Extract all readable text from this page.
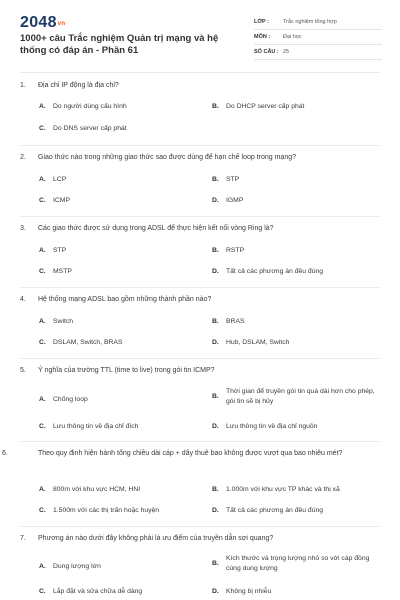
$2048^{vn}$
1000+ câu Trắc nghiệm Quản trị mạng và hệ thống có đáp án - Phần 61
LỚP :	Trắc nghiệm tổng hợp
MÔN :	Đại học
SỐ CÂU : 25
1. Địa chỉ IP động là địa chỉ?
A.	Do người dùng cấu hình	B.	Do DHCP server cấp phát
C.	Do DNS server cấp phát
2. Giao thức nào trong những giao thức sao được dùng để hạn chế loop trong mạng?
A.	LCP	B.	STP
C.	ICMP	D.	IGMP
3. Các giao thức được sử dụng trong ADSL để thực hiện kết nối vòng Ring là?
A.	STP	B.	RSTP
C.	MSTP	D.	Tất cả các phương án đều đúng
4. Hệ thống mạng ADSL bao gồm những thành phần nào?
A.	Switch	B.	BRAS
C.	DSLAM, Switch, BRAS	D.	Hub, DSLAM, Switch
5. Ý nghĩa của trường TTL (time to live) trong gói tin ICMP?
A.	Chống loop	B.
Thời gian để truyền gói tin quá dài hơn cho phép, gói tin sẽ bị hủy
C.	Lưu thông tin về địa chỉ đích	D.	Lưu thông tin về địa chỉ nguồn
6.	Theo quy định hiện hành tổng chiều dài cáp + dây thuê bao không được vượt qua bao nhiêu mét?
A.	800m với khu vực HCM, HNI	B.	1.000m với khu vực TP khác và thị xã
C.	1.500m với các thị trấn hoặc huyện	D.	Tất cả các phương án đều đúng
7. Phương án nào dưới đây không phải là ưu điểm của truyền dẫn sợi quang?
A.	Dung lượng lớn	B.
Kích thước và trọng lượng nhỏ so với cáp đồng cùng dung lượng
C.	Lắp đặt và sửa chữa dễ dàng	D.	Không bị nhiễu
